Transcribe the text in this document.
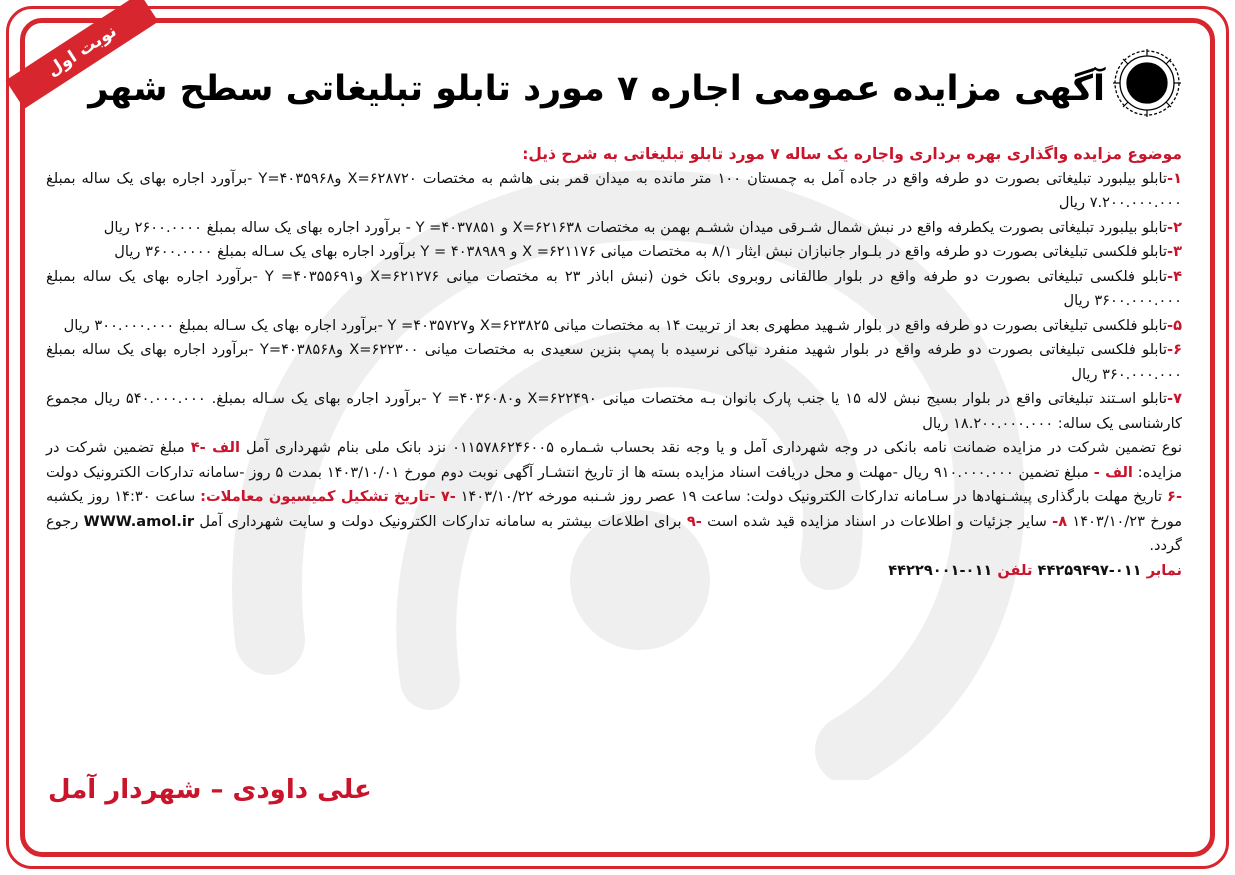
نوبت اول
آگهی مزایده عمومی اجاره ۷ مورد تابلو تبلیغاتی سطح شهر

موضوع مزایده واگذاری بهره برداری واجاره یک ساله ۷ مورد تابلو تبلیغاتی به شرح ذیل:

۱-تابلو بیلبورد تبلیغاتی بصورت دو طرفه واقع در جاده آمل به چمستان ۱۰۰ متر مانده به میدان قمر بنی هاشم به مختصات ۶۲۸۷۲۰=X و۴۰۳۵۹۶۸=Y -برآورد اجاره بهای یک ساله بمبلغ ۷.۲۰۰.۰۰۰.۰۰۰ ریال

۲-تابلو بیلبورد تبلیغاتی بصورت یکطرفه واقع در نبش شمال شـرقی میدان ششـم بهمن به مختصات ۶۲۱۶۳۸=X و ۴۰۳۷۸۵۱= Y - برآورد اجاره بهای یک ساله بمبلغ ۲۶۰۰.۰۰۰۰ ریال

۳-تابلو فلکسی تبلیغاتی بصورت دو طرفه واقع در بلـوار جانبازان نبش ایثار ۸/۱ به مختصات میانی ۶۲۱۱۷۶= X و ۴۰۳۸۹۸۹ = Y برآورد اجاره بهای یک سـاله بمبلغ ۳۶۰۰.۰۰۰۰ ریال

۴-تابلو فلکسی تبلیغاتی بصورت دو طرفه واقع در بلوار طالقانی روبروی بانک خون (نبش اباذر ۲۳ به مختصات میانی ۶۲۱۲۷۶=X و۴۰۳۵۵۶۹۱= Y -برآورد اجاره بهای یک ساله بمبلغ ۳۶۰۰.۰۰۰.۰۰۰ ریال

۵-تابلو فلکسی تبلیغاتی بصورت دو طرفه واقع در بلوار شـهید مطهری بعد از تربیت ۱۴ به مختصات میانی ۶۲۳۸۲۵=X و۴۰۳۵۷۲۷= Y -برآورد اجاره بهای یک سـاله بمبلغ ۳۰۰.۰۰۰.۰۰۰ ریال

۶-تابلو فلکسی تبلیغاتی بصورت دو طرفه واقع در بلوار شهید منفرد نیاکی نرسیده با پمپ بنزین سعیدی به مختصات میانی ۶۲۲۳۰۰=X و۴۰۳۸۵۶۸=Y -برآورد اجاره بهای یک ساله بمبلغ ۳۶۰.۰۰۰.۰۰۰ ریال

۷-تابلو اسـتند تبلیغاتی واقع در بلوار بسیج نبش لاله ۱۵ یا جنب پارک بانوان بـه مختصات میانی ۶۲۲۴۹۰=X و۴۰۳۶۰۸۰= Y -برآورد اجاره بهای یک سـاله بمبلغ. ۵۴۰.۰۰۰.۰۰۰ ریال مجموع کارشناسی یک ساله: ۱۸.۲۰۰.۰۰۰.۰۰۰ ریال

نوع تضمین شرکت در مزایده ضمانت نامه بانکی در وجه شهرداری آمل و یا وجه نقد بحساب شـماره ۰۱۱۵۷۸۶۲۴۶۰۰۵ نزد بانک ملی بنام شهرداری آمل الف -۴ مبلغ تضمین شرکت در مزایده: الف - مبلغ تضمین ۹۱۰.۰۰۰.۰۰۰ ریال -مهلت و محل دریافت اسناد مزایده بسته ها از تاریخ انتشـار آگهی نوبت دوم مورخ ۱۴۰۳/۱۰/۰۱ بمدت ۵ روز -سامانه تدارکات الکترونیک دولت -۶ تاریخ مهلت بارگذاری پیشـنهادها در سـامانه تدارکات الکترونیک دولت: ساعت ۱۹ عصر روز شـنبه مورخه ۱۴۰۳/۱۰/۲۲ -۷ -تاریخ تشکیل کمیسیون معاملات: ساعت ۱۴:۳۰ روز یکشبه مورخ ۱۴۰۳/۱۰/۲۳ ۸- سایر جزئیات و اطلاعات در اسناد مزایده قید شده است -۹ برای اطلاعات بیشتر به سامانه تدارکات الکترونیک دولت و سایت شهرداری آمل WWW.amol.ir رجوع گردد.

نمابر ۰۱۱-۴۴۲۵۹۴۹۷ تلفن ۰۱۱-۴۴۲۲۹۰۰۱

علی داودی – شهردار آمل
